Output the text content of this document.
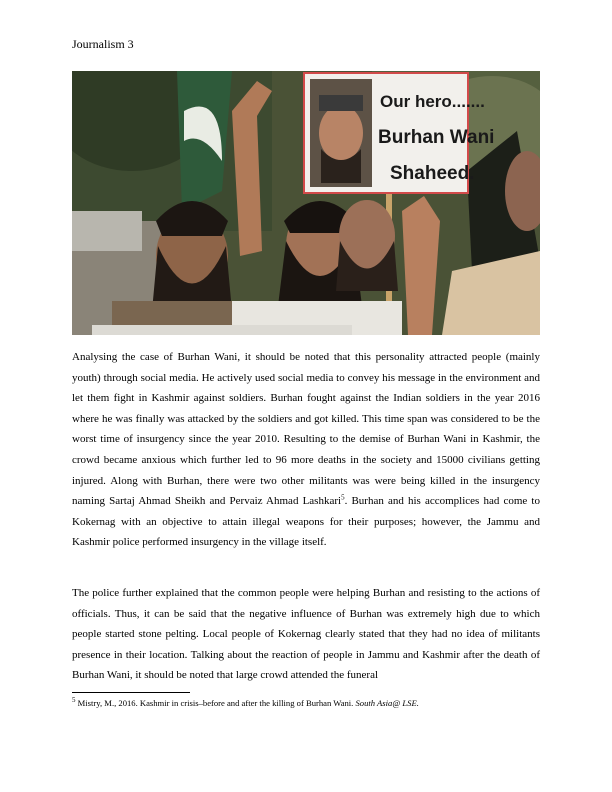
Journalism 3
Our hero.......
Burhan Wani
Shaheed.

Analysing the case of Burhan Wani, it should be noted that this personality attracted people (mainly youth) through social media. He actively used social media to convey his message in the environment and let them fight in Kashmir against soldiers. Burhan fought against the Indian soldiers in the year 2016 where he was finally was attacked by the soldiers and got killed. This time span was considered to be the worst time of insurgency since the year 2010. Resulting to the demise of Burhan Wani in Kashmir, the crowd became anxious which further led to 96 more deaths in the society and 15000 civilians getting injured. Along with Burhan, there were two other militants was were being killed in the insurgency naming Sartaj Ahmad Sheikh and Pervaiz Ahmad Lashkari$^5$. Burhan and his accomplices had come to Kokernag with an objective to attain illegal weapons for their purposes; however, the Jammu and Kashmir police performed insurgency in the village itself.

The police further explained that the common people were helping Burhan and resisting to the actions of officials. Thus, it can be said that the negative influence of Burhan was extremely high due to which people started stone pelting. Local people of Kokernag clearly stated that they had no idea of militants presence in their location. Talking about the reaction of people in Jammu and Kashmir after the death of Burhan Wani, it should be noted that large crowd attended the funeral

$^5$ Mistry, M., 2016. Kashmir in crisis–before and after the killing of Burhan Wani. South Asia@ LSE.
